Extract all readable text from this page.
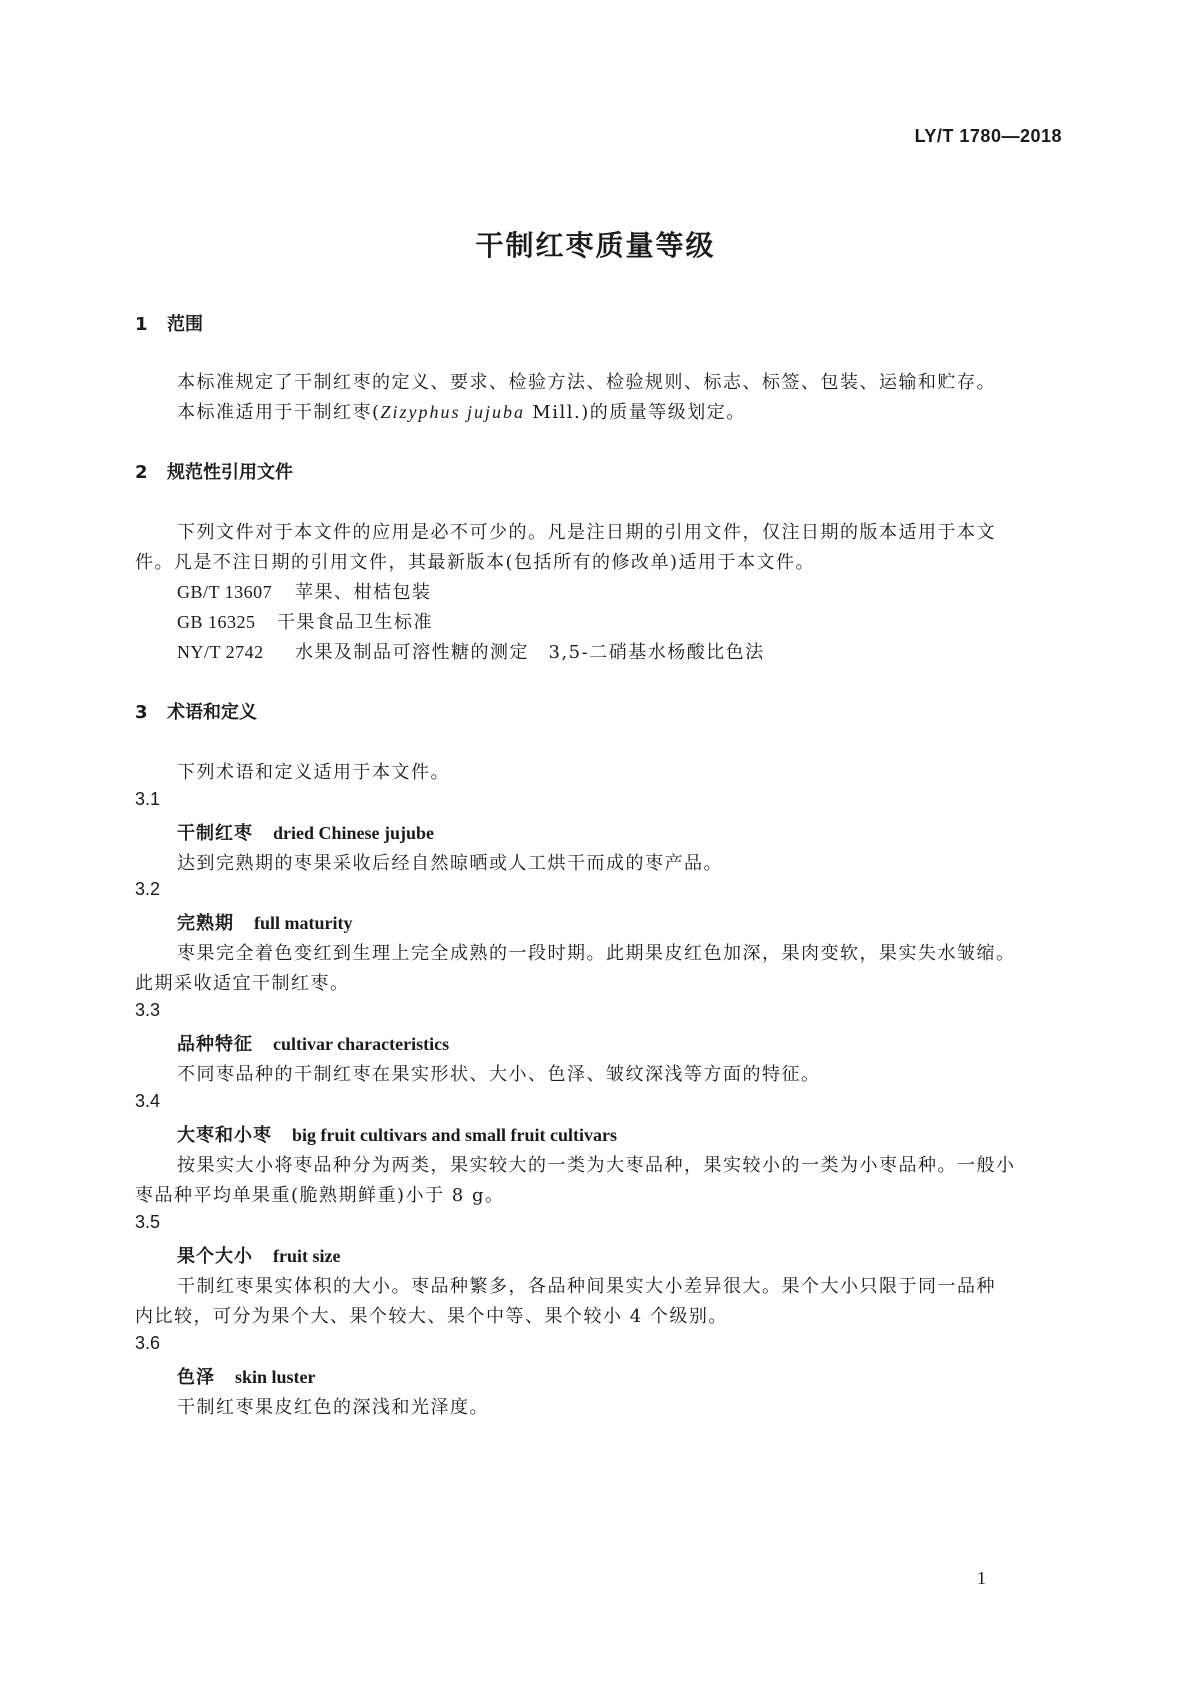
LY/T 1780—2018
干制红枣质量等级
1 范围
本标准规定了干制红枣的定义、要求、检验方法、检验规则、标志、标签、包装、运输和贮存。
本标准适用于干制红枣(Zizyphus jujuba Mill.)的质量等级划定。
2 规范性引用文件
下列文件对于本文件的应用是必不可少的。凡是注日期的引用文件，仅注日期的版本适用于本文
件。凡是不注日期的引用文件，其最新版本(包括所有的修改单)适用于本文件。
GB/T 13607 苹果、柑桔包装
GB 16325 干果食品卫生标准
NY/T 2742 水果及制品可溶性糖的测定　3,5-二硝基水杨酸比色法
3 术语和定义
下列术语和定义适用于本文件。
3.1
干制红枣 dried Chinese jujube
达到完熟期的枣果采收后经自然晾晒或人工烘干而成的枣产品。
3.2
完熟期 full maturity
枣果完全着色变红到生理上完全成熟的一段时期。此期果皮红色加深，果肉变软，果实失水皱缩。
此期采收适宜干制红枣。
3.3
品种特征 cultivar characteristics
不同枣品种的干制红枣在果实形状、大小、色泽、皱纹深浅等方面的特征。
3.4
大枣和小枣 big fruit cultivars and small fruit cultivars
按果实大小将枣品种分为两类，果实较大的一类为大枣品种，果实较小的一类为小枣品种。一般小
枣品种平均单果重(脆熟期鲜重)小于 8 g。
3.5
果个大小 fruit size
干制红枣果实体积的大小。枣品种繁多，各品种间果实大小差异很大。果个大小只限于同一品种
内比较，可分为果个大、果个较大、果个中等、果个较小 4 个级别。
3.6
色泽 skin luster
干制红枣果皮红色的深浅和光泽度。
1
